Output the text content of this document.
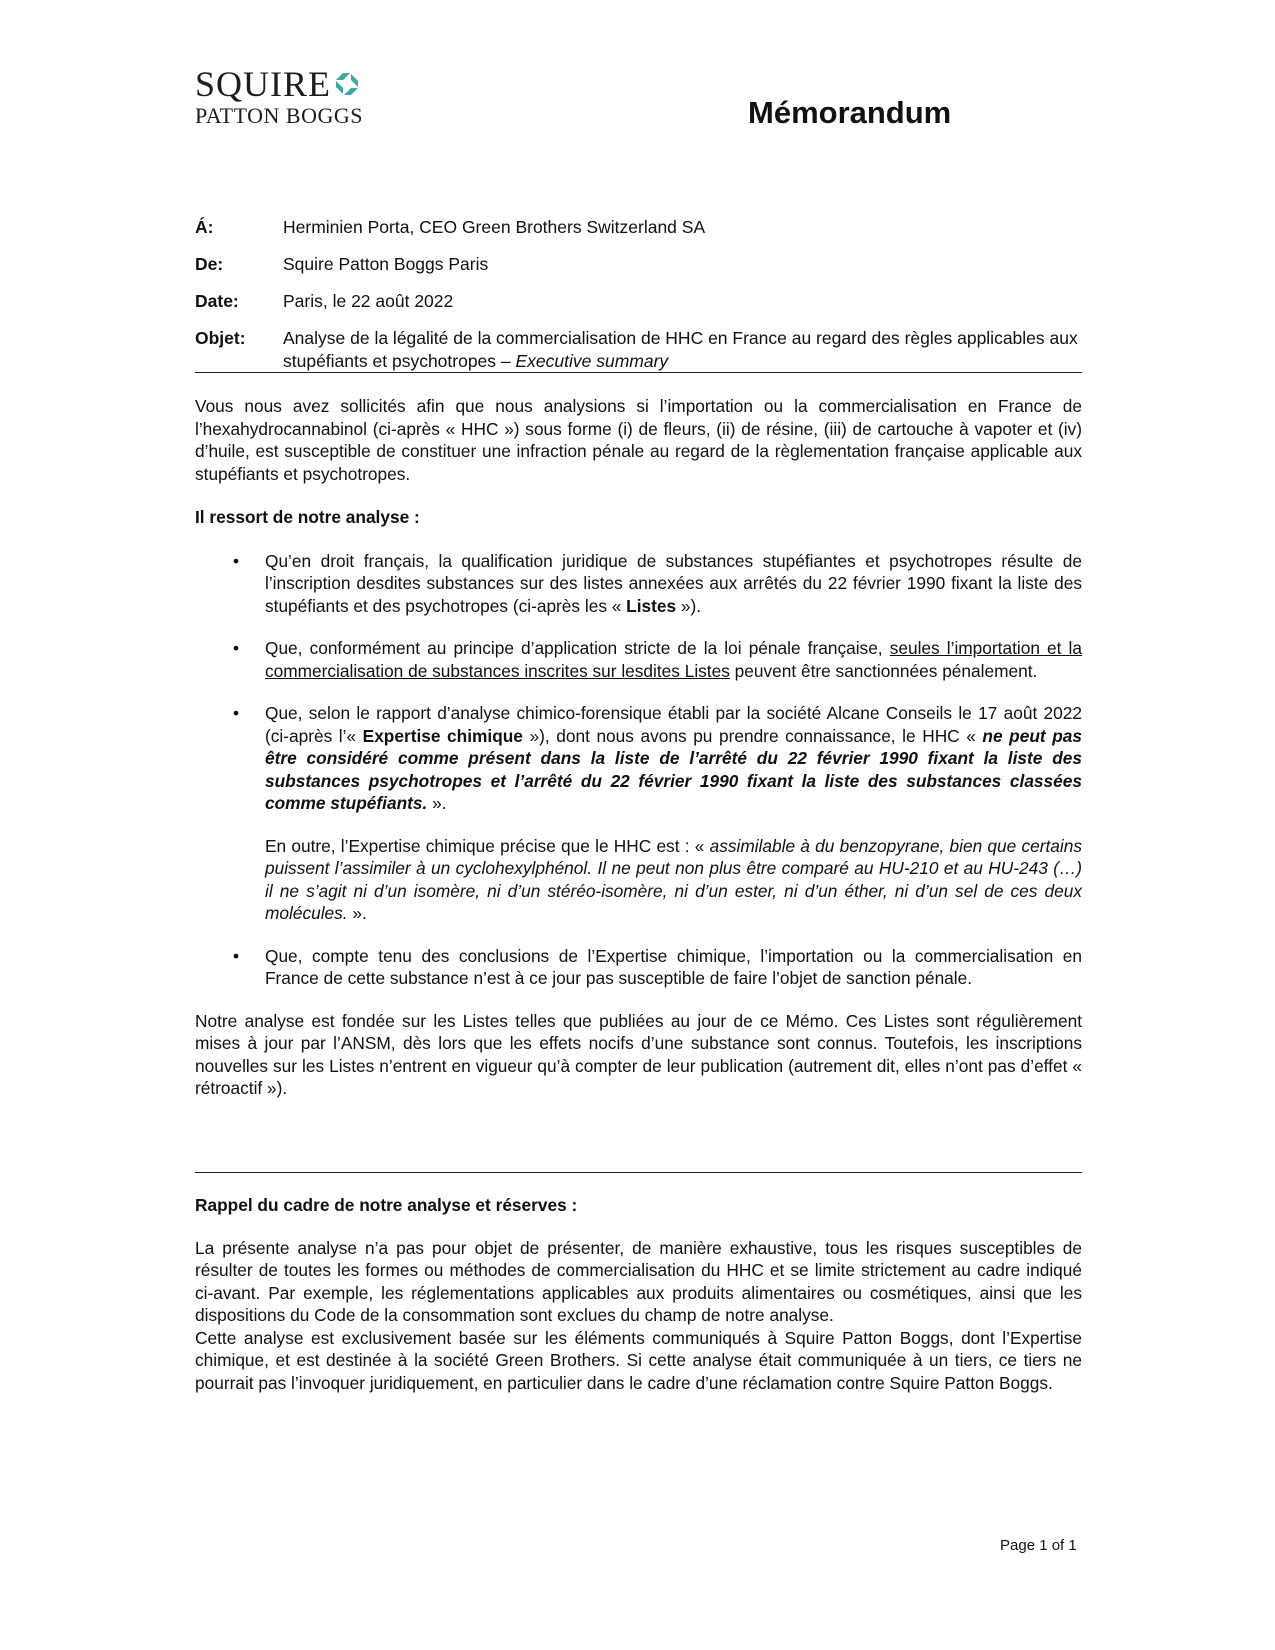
SQUIRE
PATTON BOGGS	Mémorandum
Á:	Herminien Porta, CEO Green Brothers Switzerland SA
De:	Squire Patton Boggs Paris
Date:	Paris, le 22 août 2022
Objet:	Analyse de la légalité de la commercialisation de HHC en France au regard des règles applicables aux stupéfiants et psychotropes – Executive summary

Vous nous avez sollicités afin que nous analysions si l’importation ou la commercialisation en France de l’hexahydrocannabinol (ci-après « HHC ») sous forme (i) de fleurs, (ii) de résine, (iii) de cartouche à vapoter et (iv) d’huile, est susceptible de constituer une infraction pénale au regard de la règlementation française applicable aux stupéfiants et psychotropes.

Il ressort de notre analyse :

• Qu’en droit français, la qualification juridique de substances stupéfiantes et psychotropes résulte de l’inscription desdites substances sur des listes annexées aux arrêtés du 22 février 1990 fixant la liste des stupéfiants et des psychotropes (ci-après les « Listes »).
• Que, conformément au principe d’application stricte de la loi pénale française, seules l’importation et la commercialisation de substances inscrites sur lesdites Listes peuvent être sanctionnées pénalement.
• Que, selon le rapport d’analyse chimico-forensique établi par la société Alcane Conseils le 17 août 2022 (ci-après l’« Expertise chimique »), dont nous avons pu prendre connaissance, le HHC « ne peut pas être considéré comme présent dans la liste de l’arrêté du 22 février 1990 fixant la liste des substances psychotropes et l’arrêté du 22 février 1990 fixant la liste des substances classées comme stupéfiants. ».

En outre, l’Expertise chimique précise que le HHC est : « assimilable à du benzopyrane, bien que certains puissent l’assimiler à un cyclohexylphénol. Il ne peut non plus être comparé au HU-210 et au HU-243 (…) il ne s’agit ni d’un isomère, ni d’un stéréo-isomère, ni d’un ester, ni d’un éther, ni d’un sel de ces deux molécules. ».

• Que, compte tenu des conclusions de l’Expertise chimique, l’importation ou la commercialisation en France de cette substance n’est à ce jour pas susceptible de faire l’objet de sanction pénale.

Notre analyse est fondée sur les Listes telles que publiées au jour de ce Mémo. Ces Listes sont régulièrement mises à jour par l’ANSM, dès lors que les effets nocifs d’une substance sont connus. Toutefois, les inscriptions nouvelles sur les Listes n’entrent en vigueur qu’à compter de leur publication (autrement dit, elles n’ont pas d’effet « rétroactif »).

Rappel du cadre de notre analyse et réserves :

La présente analyse n’a pas pour objet de présenter, de manière exhaustive, tous les risques susceptibles de résulter de toutes les formes ou méthodes de commercialisation du HHC et se limite strictement au cadre indiqué ci-avant. Par exemple, les réglementations applicables aux produits alimentaires ou cosmétiques, ainsi que les dispositions du Code de la consommation sont exclues du champ de notre analyse.

Cette analyse est exclusivement basée sur les éléments communiqués à Squire Patton Boggs, dont l’Expertise chimique, et est destinée à la société Green Brothers. Si cette analyse était communiquée à un tiers, ce tiers ne pourrait pas l’invoquer juridiquement, en particulier dans le cadre d’une réclamation contre Squire Patton Boggs.

Page 1 of 1
